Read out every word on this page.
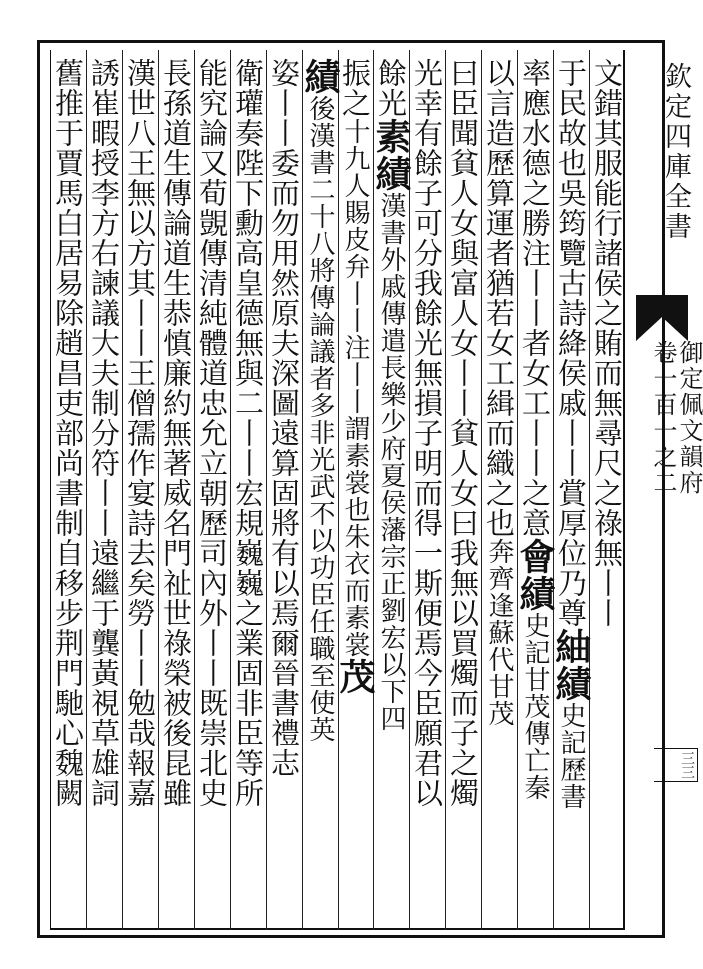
欽定四庫全書
御定佩文韻府
卷一百一之二
三三
文錯其服能行諸侯之賄而無尋尺之祿無丨丨
于民故也吳筠覽古詩絳侯戚丨丨賞厚位乃尊紬績史記歷書
率應水德之勝注丨丨者女工丨丨之意會績史記甘茂傳亡秦
以言造歷算運者猶若女工緝而織之也奔齊逢蘇代甘茂
曰臣聞貧人女與富人女丨丨貧人女曰我無以買燭而子之燭
光幸有餘子可分我餘光無損子明而得一斯便焉今臣願君以
餘光素績漢書外戚傳遣長樂少府夏侯藩宗正劉宏以下四
振之十九人賜皮弁丨丨注丨丨謂素裳也朱衣而素裳茂
績後漢書二十八將傳論議者多非光武不以功臣任職至使英
姿丨丨委而勿用然原夫深圖遠算固將有以焉爾晉書禮志
衛瓘奏陛下勳高皇德無與二丨丨宏規巍巍之業固非臣等所
能究論又荀覬傳清純體道忠允立朝歷司內外丨丨既崇北史
長孫道生傳論道生恭慎廉約無著威名門祉世祿榮被後昆雖
漢世八王無以方其丨丨王僧孺作宴詩去矣勞丨丨勉哉報嘉
誘崔暇授李方右諫議大夫制分符丨丨遠繼于龔黃視草雄詞
舊推于賈馬白居易除趙昌吏部尚書制自移步荆門馳心魏闕
